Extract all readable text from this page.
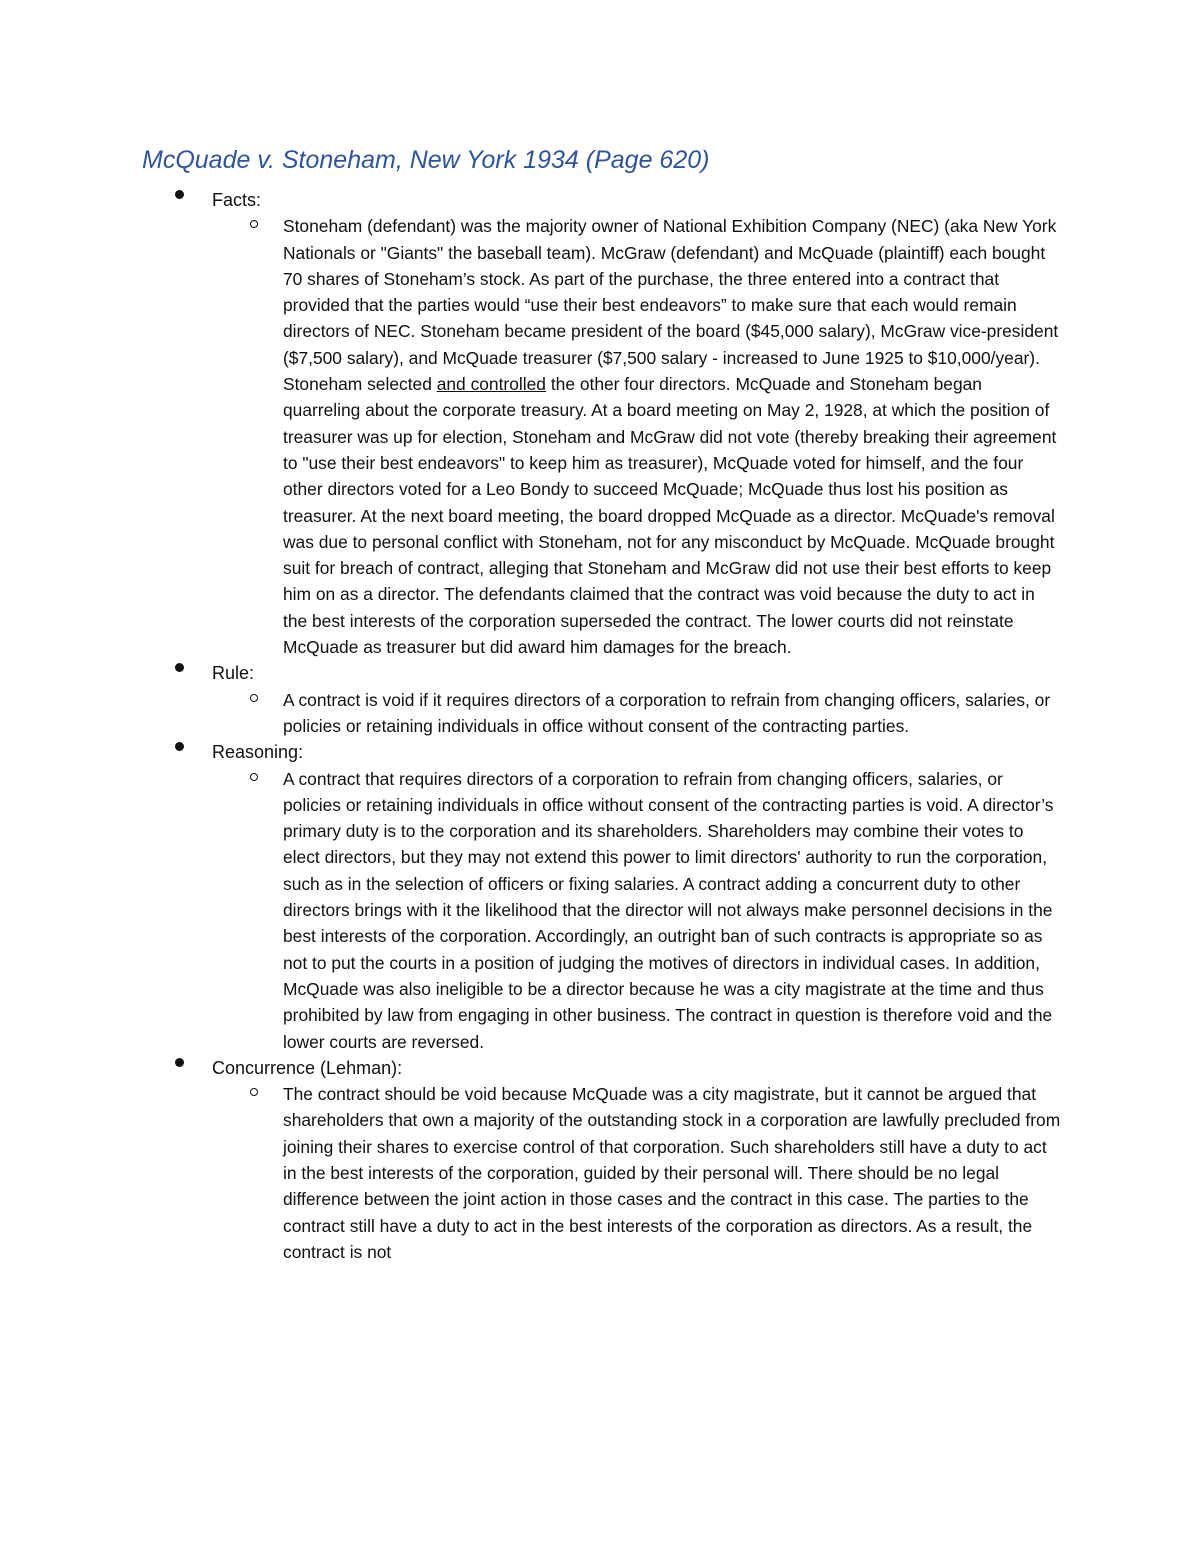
McQuade v. Stoneham, New York 1934 (Page 620)
Facts:
Stoneham (defendant) was the majority owner of National Exhibition Company (NEC) (aka New York Nationals or "Giants" the baseball team). McGraw (defendant) and McQuade (plaintiff) each bought 70 shares of Stoneham’s stock. As part of the purchase, the three entered into a contract that provided that the parties would “use their best endeavors” to make sure that each would remain directors of NEC. Stoneham became president of the board ($45,000 salary), McGraw vice-president ($7,500 salary), and McQuade treasurer ($7,500 salary - increased to June 1925 to $10,000/year). Stoneham selected and controlled the other four directors. McQuade and Stoneham began quarreling about the corporate treasury. At a board meeting on May 2, 1928, at which the position of treasurer was up for election, Stoneham and McGraw did not vote (thereby breaking their agreement to "use their best endeavors" to keep him as treasurer), McQuade voted for himself, and the four other directors voted for a Leo Bondy to succeed McQuade; McQuade thus lost his position as treasurer. At the next board meeting, the board dropped McQuade as a director. McQuade's removal was due to personal conflict with Stoneham, not for any misconduct by McQuade. McQuade brought suit for breach of contract, alleging that Stoneham and McGraw did not use their best efforts to keep him on as a director. The defendants claimed that the contract was void because the duty to act in the best interests of the corporation superseded the contract. The lower courts did not reinstate McQuade as treasurer but did award him damages for the breach.
Rule:
A contract is void if it requires directors of a corporation to refrain from changing officers, salaries, or policies or retaining individuals in office without consent of the contracting parties.
Reasoning:
A contract that requires directors of a corporation to refrain from changing officers, salaries, or policies or retaining individuals in office without consent of the contracting parties is void. A director’s primary duty is to the corporation and its shareholders. Shareholders may combine their votes to elect directors, but they may not extend this power to limit directors' authority to run the corporation, such as in the selection of officers or fixing salaries. A contract adding a concurrent duty to other directors brings with it the likelihood that the director will not always make personnel decisions in the best interests of the corporation. Accordingly, an outright ban of such contracts is appropriate so as not to put the courts in a position of judging the motives of directors in individual cases. In addition, McQuade was also ineligible to be a director because he was a city magistrate at the time and thus prohibited by law from engaging in other business. The contract in question is therefore void and the lower courts are reversed.
Concurrence (Lehman):
The contract should be void because McQuade was a city magistrate, but it cannot be argued that shareholders that own a majority of the outstanding stock in a corporation are lawfully precluded from joining their shares to exercise control of that corporation. Such shareholders still have a duty to act in the best interests of the corporation, guided by their personal will. There should be no legal difference between the joint action in those cases and the contract in this case. The parties to the contract still have a duty to act in the best interests of the corporation as directors. As a result, the contract is not
